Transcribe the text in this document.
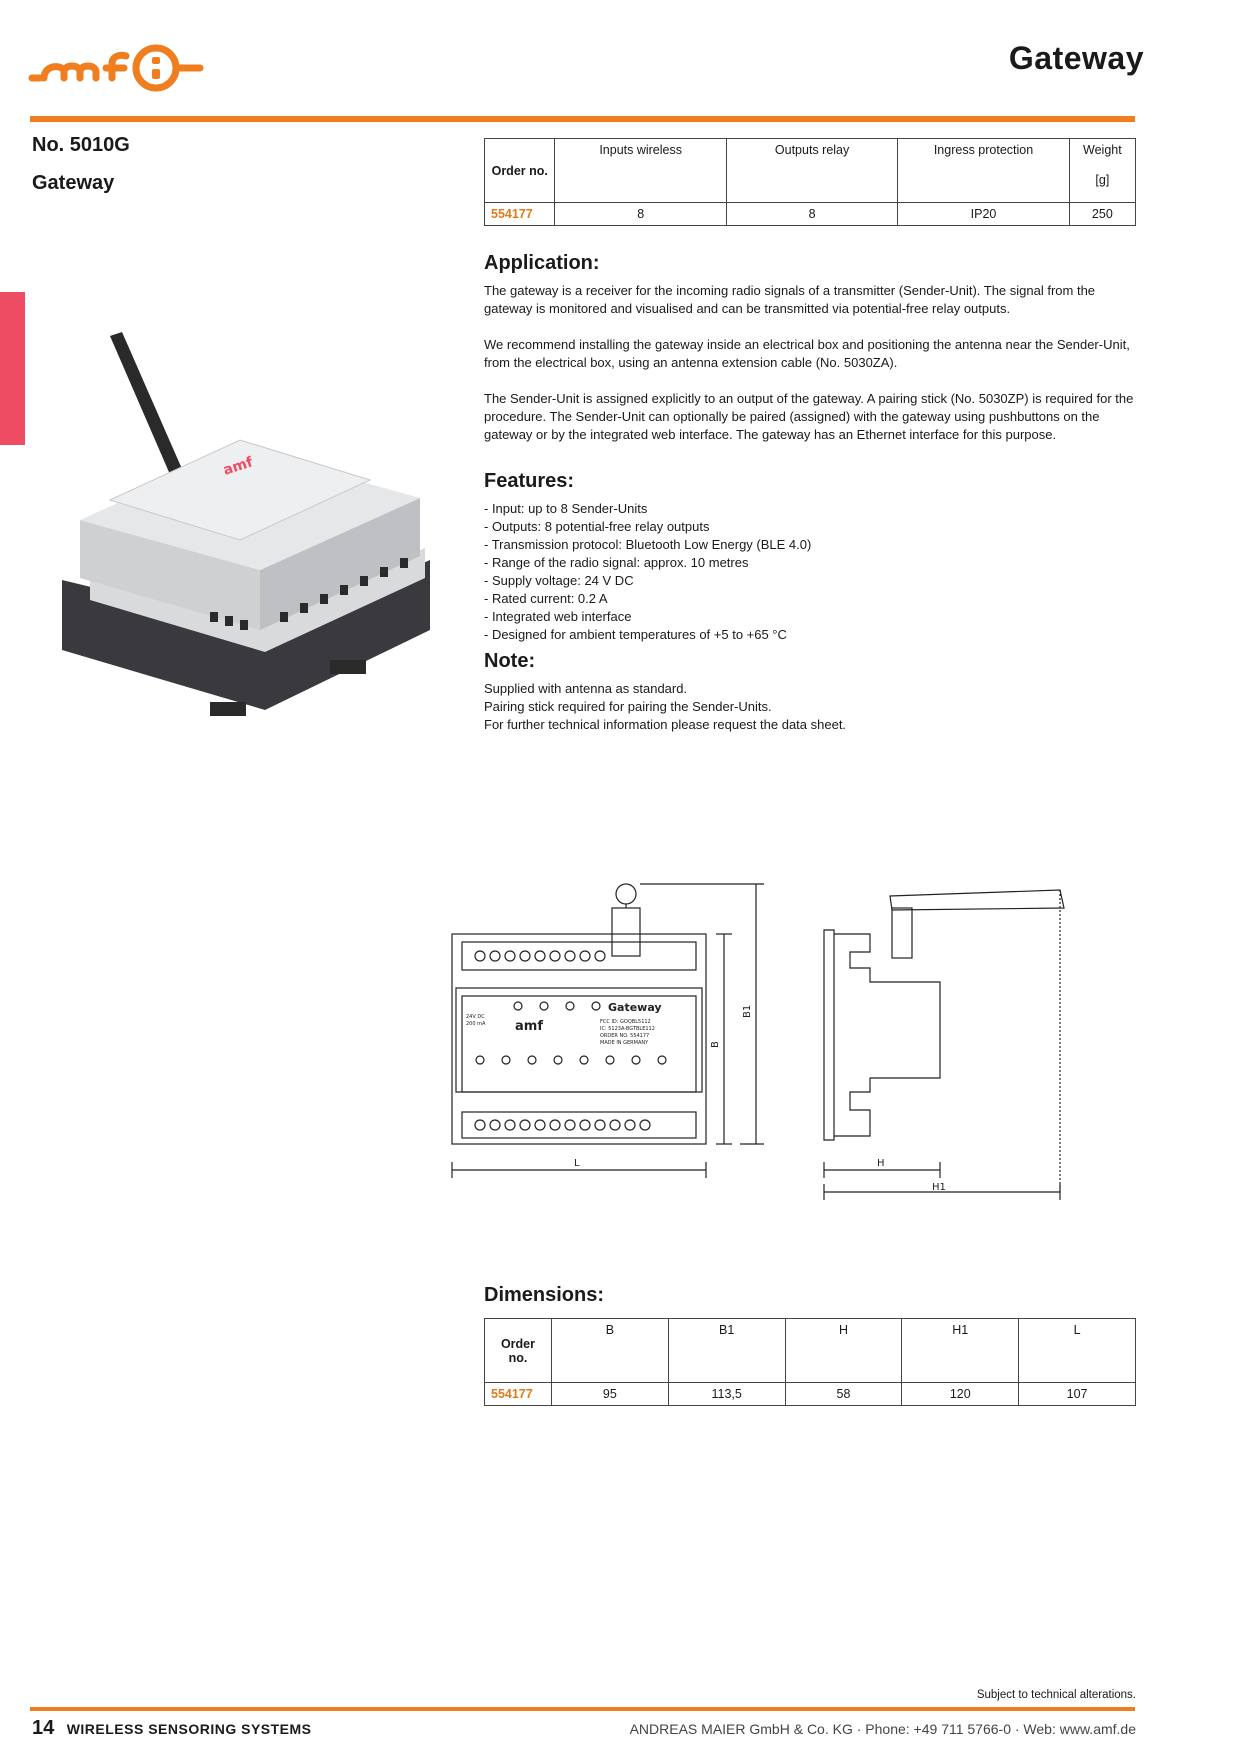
Gateway
No. 5010G
Gateway
amf
Order no.	Inputs wireless	Outputs relay	Ingress protection	Weight
[g]

554177	8	8	IP20	250
Application:

The gateway is a receiver for the incoming radio signals of a transmitter (Sender-Unit). The signal from the gateway is monitored and visualised and can be transmitted via potential-free relay outputs.

We recommend installing the gateway inside an electrical box and positioning the antenna near the Sender-Unit, from the electrical box, using an antenna extension cable (No. 5030ZA).

The Sender-Unit is assigned explicitly to an output of the gateway. A pairing stick (No. 5030ZP) is required for the procedure. The Sender-Unit can optionally be paired (assigned) with the gateway using pushbuttons on the gateway or by the integrated web interface. The gateway has an Ethernet interface for this purpose.

Features:
- Input: up to 8 Sender-Units
- Outputs: 8 potential-free relay outputs
- Transmission protocol: Bluetooth Low Energy (BLE 4.0)
- Range of the radio signal: approx. 10 metres
- Supply voltage: 24 V DC
- Rated current: 0.2 A
- Integrated web interface
- Designed for ambient temperatures of +5 to +65 °C
Note:
Supplied with antenna as standard.
Pairing stick required for pairing the Sender-Units.
For further technical information please request the data sheet.
Gateway
FCC ID: GOQBL5112
IC: 5123A-BGTBLE112
ORDER NO. 554177
MADE IN GERMANY
24V DC
200 mA amf
B
B1
L	H
H1
Dimensions:
Order no.	B	B1	H	H1	L
554177	95	113,5	58	120	107
Subject to technical alterations.
14 WIRELESS SENSORING SYSTEMS	ANDREAS MAIER GmbH & Co. KG · Phone: +49 711 5766-0 · Web: www.amf.de
